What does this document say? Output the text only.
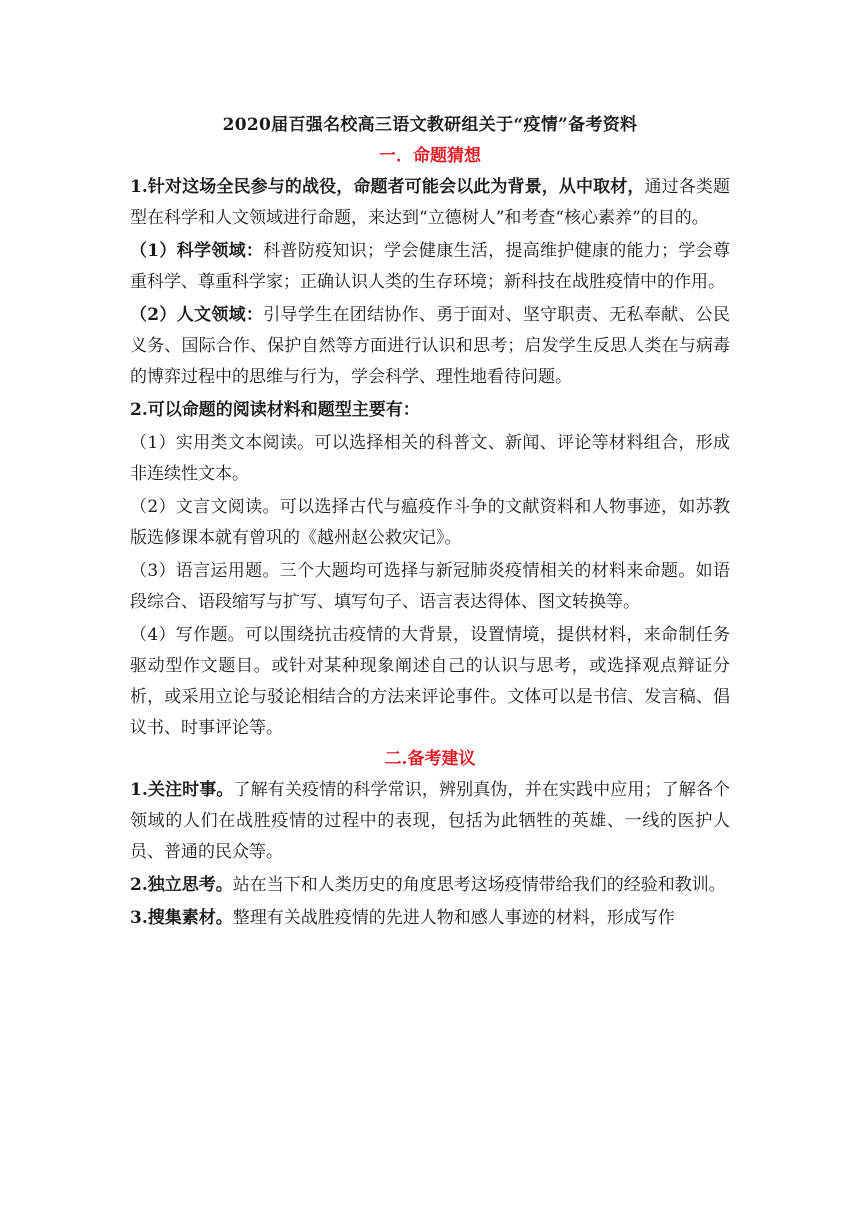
2020届百强名校高三语文教研组关于“疫情”备考资料

一．命题猜想

1.针对这场全民参与的战役，命题者可能会以此为背景，从中取材，通过各类题型在科学和人文领域进行命题，来达到“立德树人”和考查“核心素养”的目的。

（1）科学领域：科普防疫知识；学会健康生活，提高维护健康的能力；学会尊重科学、尊重科学家；正确认识人类的生存环境；新科技在战胜疫情中的作用。

（2）人文领域：引导学生在团结协作、勇于面对、坚守职责、无私奉献、公民义务、国际合作、保护自然等方面进行认识和思考；启发学生反思人类在与病毒的博弈过程中的思维与行为，学会科学、理性地看待问题。

2.可以命题的阅读材料和题型主要有：

（1）实用类文本阅读。可以选择相关的科普文、新闻、评论等材料组合，形成非连续性文本。

（2）文言文阅读。可以选择古代与瘟疫作斗争的文献资料和人物事迹，如苏教版选修课本就有曾巩的《越州赵公救灾记》。

（3）语言运用题。三个大题均可选择与新冠肺炎疫情相关的材料来命题。如语段综合、语段缩写与扩写、填写句子、语言表达得体、图文转换等。

（4）写作题。可以围绕抗击疫情的大背景，设置情境，提供材料，来命制任务驱动型作文题目。或针对某种现象阐述自己的认识与思考，或选择观点辩证分析，或采用立论与驳论相结合的方法来评论事件。文体可以是书信、发言稿、倡议书、时事评论等。

二.备考建议

1.关注时事。了解有关疫情的科学常识，辨别真伪，并在实践中应用；了解各个领域的人们在战胜疫情的过程中的表现，包括为此牺牲的英雄、一线的医护人员、普通的民众等。

2.独立思考。站在当下和人类历史的角度思考这场疫情带给我们的经验和教训。

3.搜集素材。整理有关战胜疫情的先进人物和感人事迹的材料，形成写作
